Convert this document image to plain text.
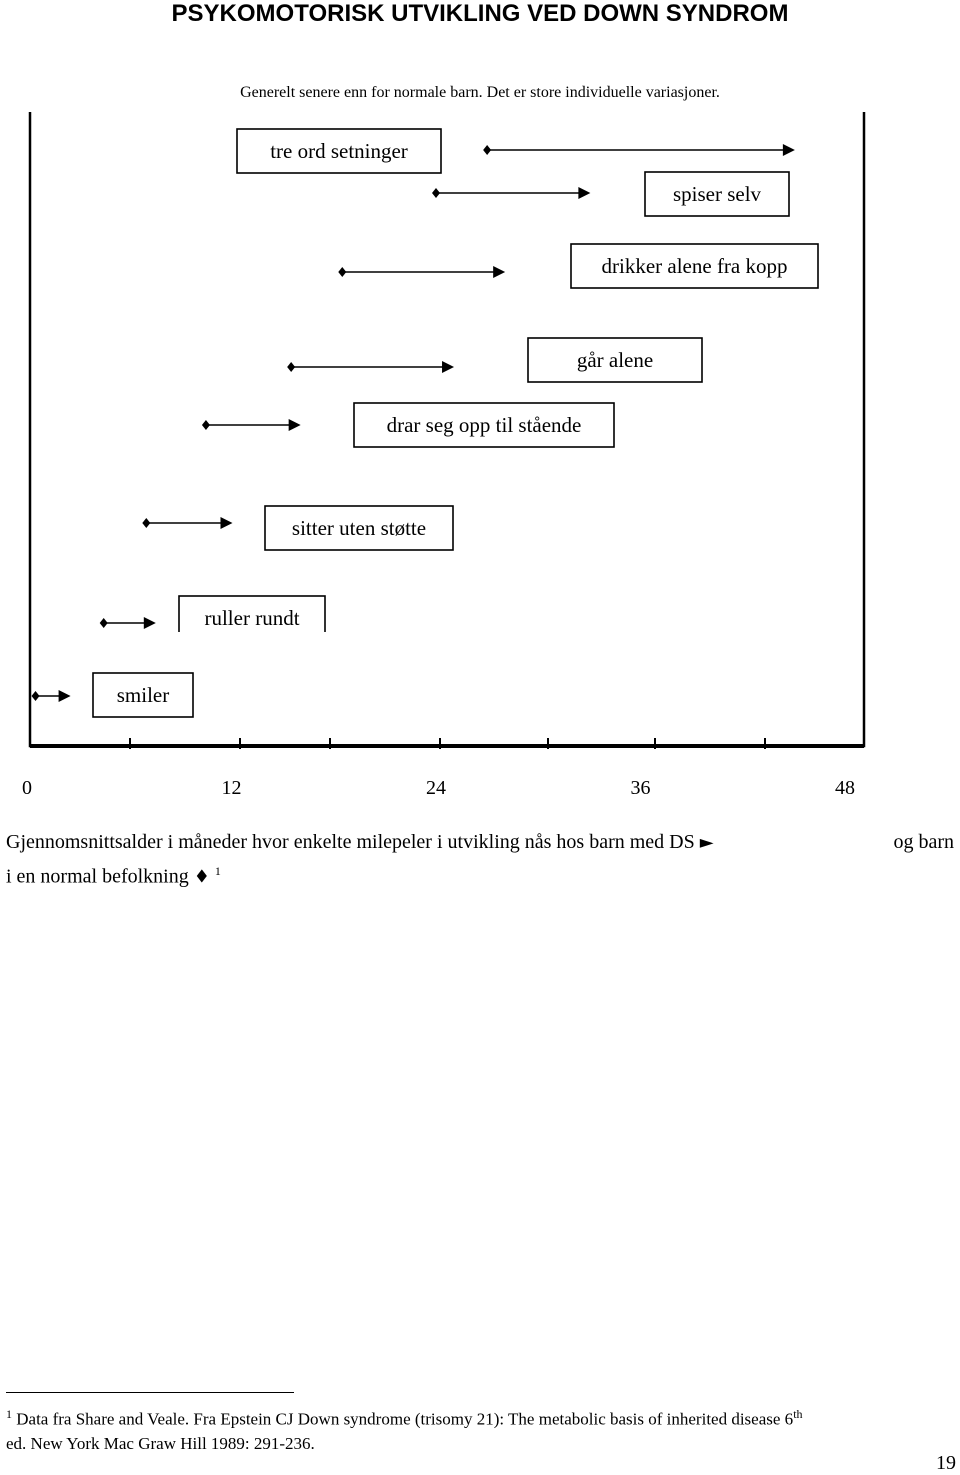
PSYKOMOTORISK UTVIKLING VED DOWN SYNDROM
Generelt senere enn for normale barn. Det er store individuelle variasjoner.
0	12	24	36	48
tre ord setninger
spiser selv
drikker alene fra kopp
går alene
drar seg opp til stående
sitter uten støtte
ruller rundt
smiler
Gjennomsnittsalder i måneder hvor enkelte milepeler i utvikling nås hos barn med DS ►	og barn

i en normal befolkning ♦ $^1$
$^1$ Data fra Share and Veale. Fra Epstein CJ Down syndrome (trisomy 21): The metabolic basis of inherited disease 6th
ed. New York Mac Graw Hill 1989: 291-236.
19
